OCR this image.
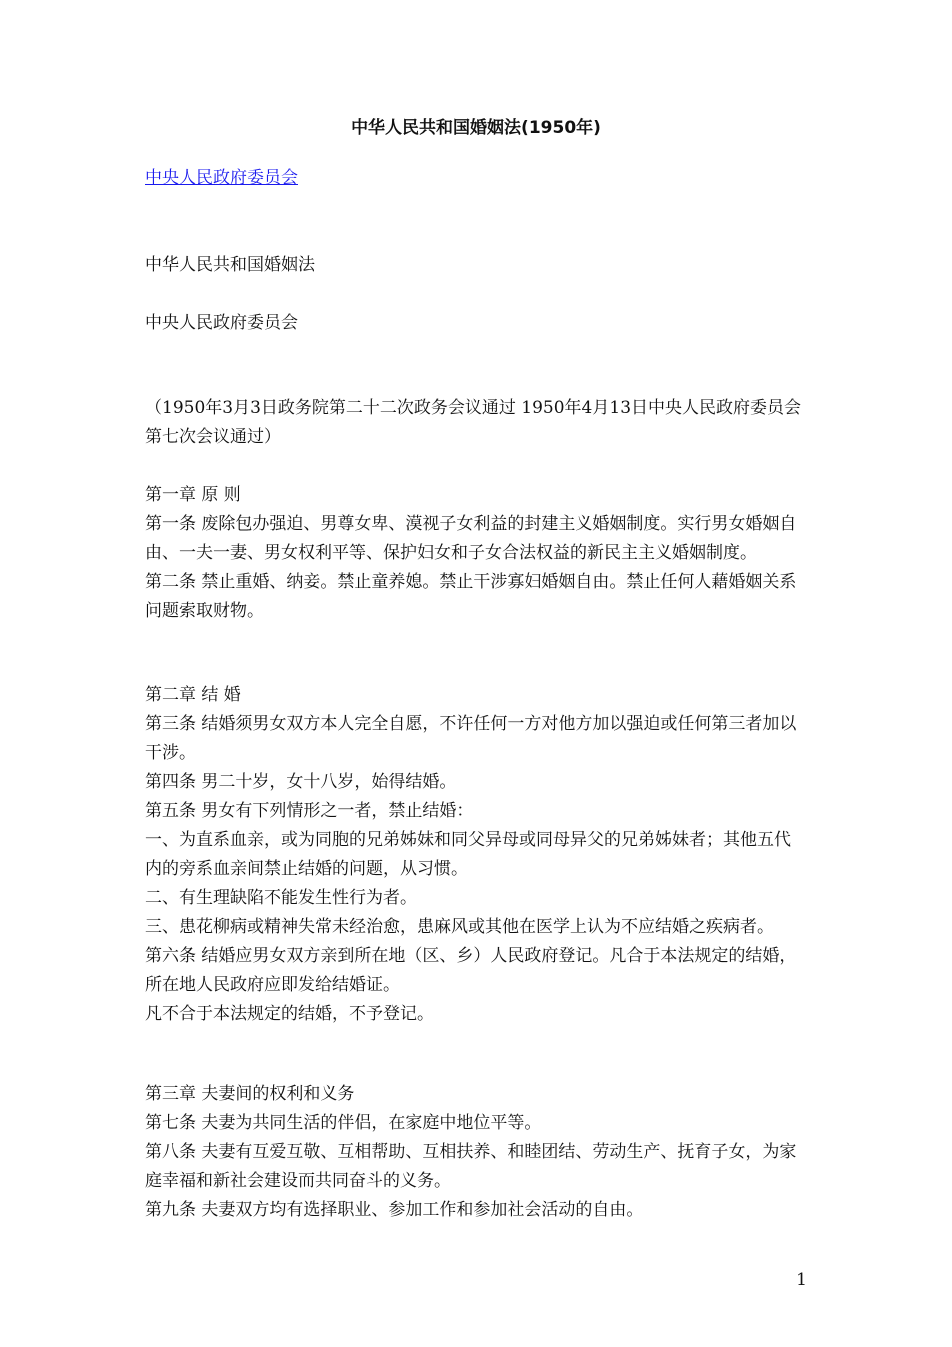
中华人民共和国婚姻法(1950年)
中央人民政府委员会

中华人民共和国婚姻法

中央人民政府委员会

（1950年3月3日政务院第二十二次政务会议通过 1950年4月13日中央人民政府委员会第七次会议通过）

第一章 原 则

第一条 废除包办强迫、男尊女卑、漠视子女利益的封建主义婚姻制度。实行男女婚姻自由、一夫一妻、男女权利平等、保护妇女和子女合法权益的新民主主义婚姻制度。

第二条 禁止重婚、纳妾。禁止童养媳。禁止干涉寡妇婚姻自由。禁止任何人藉婚姻关系问题索取财物。

第二章 结 婚

第三条 结婚须男女双方本人完全自愿，不许任何一方对他方加以强迫或任何第三者加以干涉。

第四条 男二十岁，女十八岁，始得结婚。

第五条 男女有下列情形之一者，禁止结婚：

一、为直系血亲，或为同胞的兄弟姊妹和同父异母或同母异父的兄弟姊妹者；其他五代内的旁系血亲间禁止结婚的问题，从习惯。

二、有生理缺陷不能发生性行为者。

三、患花柳病或精神失常未经治愈，患麻风或其他在医学上认为不应结婚之疾病者。

第六条 结婚应男女双方亲到所在地（区、乡）人民政府登记。凡合于本法规定的结婚，所在地人民政府应即发给结婚证。

凡不合于本法规定的结婚，不予登记。

第三章 夫妻间的权利和义务

第七条 夫妻为共同生活的伴侣，在家庭中地位平等。

第八条 夫妻有互爱互敬、互相帮助、互相扶养、和睦团结、劳动生产、抚育子女，为家庭幸福和新社会建设而共同奋斗的义务。

第九条 夫妻双方均有选择职业、参加工作和参加社会活动的自由。

1
